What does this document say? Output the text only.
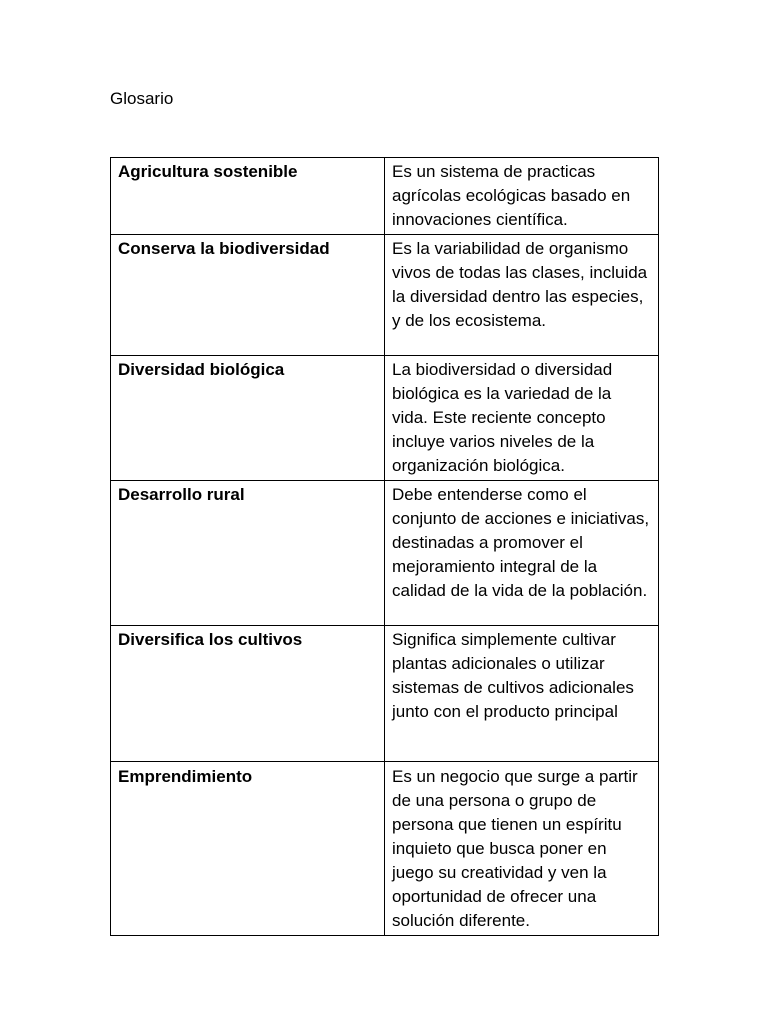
Glosario
Agricultura sostenible	Es un sistema de practicas agrícolas ecológicas basado en innovaciones científica.
Conserva la biodiversidad	Es la variabilidad de organismo vivos de todas las clases, incluida la diversidad dentro las especies, y de los ecosistema.
Diversidad biológica	La biodiversidad o diversidad biológica es la variedad de la vida. Este reciente concepto incluye varios niveles de la organización biológica.
Desarrollo rural	Debe entenderse como el conjunto de acciones e iniciativas, destinadas a promover el mejoramiento integral de la calidad de la vida de la población.
Diversifica los cultivos	Significa simplemente cultivar plantas adicionales o utilizar sistemas de cultivos adicionales junto con el producto principal
Emprendimiento	Es un negocio que surge a partir de una persona o grupo de persona que tienen un espíritu inquieto que busca poner en juego su creatividad y ven la oportunidad de ofrecer una solución diferente.
